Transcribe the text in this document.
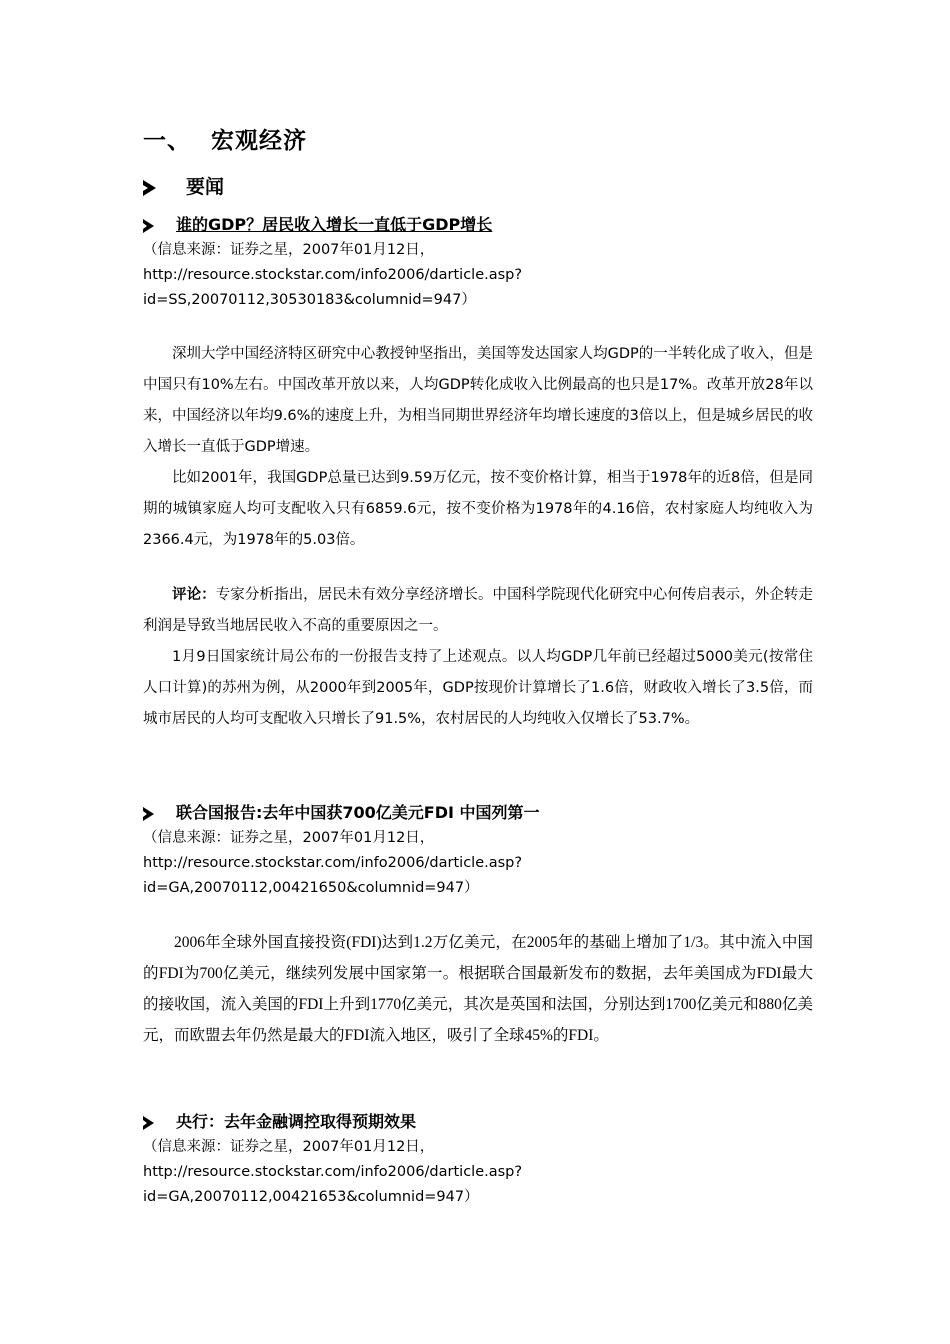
一、 宏观经济
要闻
谁的GDP？居民收入增长一直低于GDP增长
（信息来源：证券之星，2007年01月12日，
http://resource.stockstar.com/info2006/darticle.asp?
id=SS,20070112,30530183&columnid=947）

深圳大学中国经济特区研究中心教授钟坚指出，美国等发达国家人均GDP的一半转化成了收入，但是中国只有10%左右。中国改革开放以来，人均GDP转化成收入比例最高的也只是17%。改革开放28年以来，中国经济以年均9.6%的速度上升，为相当同期世界经济年均增长速度的3倍以上，但是城乡居民的收入增长一直低于GDP增速。

比如2001年，我国GDP总量已达到9.59万亿元，按不变价格计算，相当于1978年的近8倍，但是同期的城镇家庭人均可支配收入只有6859.6元，按不变价格为1978年的4.16倍，农村家庭人均纯收入为2366.4元，为1978年的5.03倍。

评论：专家分析指出，居民未有效分享经济增长。中国科学院现代化研究中心何传启表示，外企转走利润是导致当地居民收入不高的重要原因之一。

1月9日国家统计局公布的一份报告支持了上述观点。以人均GDP几年前已经超过5000美元(按常住人口计算)的苏州为例，从2000年到2005年，GDP按现价计算增长了1.6倍，财政收入增长了3.5倍，而城市居民的人均可支配收入只增长了91.5%，农村居民的人均纯收入仅增长了53.7%。

联合国报告:去年中国获700亿美元FDI 中国列第一
（信息来源：证券之星，2007年01月12日，
http://resource.stockstar.com/info2006/darticle.asp?
id=GA,20070112,00421650&columnid=947）

2006年全球外国直接投资(FDI)达到1.2万亿美元，在2005年的基础上增加了1/3。其中流入中国的FDI为700亿美元，继续列发展中国家第一。根据联合国最新发布的数据，去年美国成为FDI最大的接收国，流入美国的FDI上升到1770亿美元，其次是英国和法国，分别达到1700亿美元和880亿美元，而欧盟去年仍然是最大的FDI流入地区，吸引了全球45%的FDI。

央行：去年金融调控取得预期效果
（信息来源：证券之星，2007年01月12日，
http://resource.stockstar.com/info2006/darticle.asp?
id=GA,20070112,00421653&columnid=947）
